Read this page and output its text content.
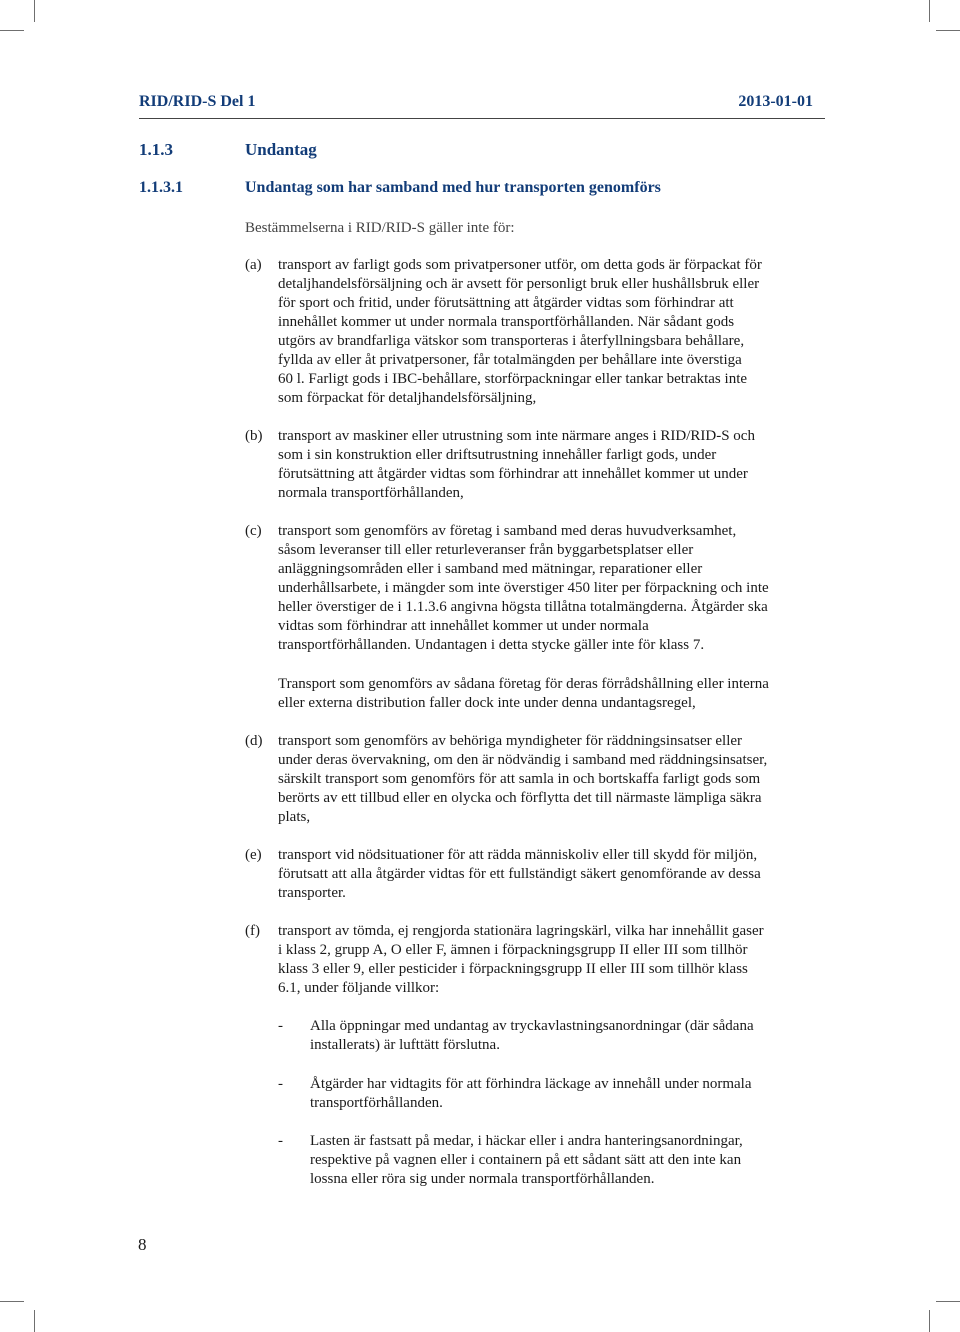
RID/RID-S Del 1	2013-01-01
1.1.3	Undantag
1.1.3.1	Undantag som har samband med hur transporten genomförs
Bestämmelserna i RID/RID-S gäller inte för:
(a) transport av farligt gods som privatpersoner utför, om detta gods är förpackat för
detaljhandelsförsäljning och är avsett för personligt bruk eller hushållsbruk eller
för sport och fritid, under förutsättning att åtgärder vidtas som förhindrar att
innehållet kommer ut under normala transportförhållanden. När sådant gods
utgörs av brandfarliga vätskor som transporteras i återfyllningsbara behållare,
fyllda av eller åt privatpersoner, får totalmängden per behållare inte överstiga
60 l. Farligt gods i IBC-behållare, storförpackningar eller tankar betraktas inte
som förpackat för detaljhandelsförsäljning,
(b) transport av maskiner eller utrustning som inte närmare anges i RID/RID-S och
som i sin konstruktion eller driftsutrustning innehåller farligt gods, under
förutsättning att åtgärder vidtas som förhindrar att innehållet kommer ut under
normala transportförhållanden,
(c) transport som genomförs av företag i samband med deras huvudverksamhet,
såsom leveranser till eller returleveranser från byggarbetsplatser eller
anläggningsområden eller i samband med mätningar, reparationer eller
underhållsarbete, i mängder som inte överstiger 450 liter per förpackning och inte
heller överstiger de i 1.1.3.6 angivna högsta tillåtna totalmängderna. Åtgärder ska
vidtas som förhindrar att innehållet kommer ut under normala
transportförhållanden. Undantagen i detta stycke gäller inte för klass 7.
Transport som genomförs av sådana företag för deras förrådshållning eller interna
eller externa distribution faller dock inte under denna undantagsregel,
(d) transport som genomförs av behöriga myndigheter för räddningsinsatser eller
under deras övervakning, om den är nödvändig i samband med räddningsinsatser,
särskilt transport som genomförs för att samla in och bortskaffa farligt gods som
berörts av ett tillbud eller en olycka och förflytta det till närmaste lämpliga säkra
plats,
(e) transport vid nödsituationer för att rädda människoliv eller till skydd för miljön,
förutsatt att alla åtgärder vidtas för ett fullständigt säkert genomförande av dessa
transporter.
(f) transport av tömda, ej rengjorda stationära lagringskärl, vilka har innehållit gaser
i klass 2, grupp A, O eller F, ämnen i förpackningsgrupp II eller III som tillhör
klass 3 eller 9, eller pesticider i förpackningsgrupp II eller III som tillhör klass
6.1, under följande villkor:
- Alla öppningar med undantag av tryckavlastningsanordningar (där sådana
installerats) är lufttätt förslutna.
- Åtgärder har vidtagits för att förhindra läckage av innehåll under normala
transportförhållanden.
- Lasten är fastsatt på medar, i häckar eller i andra hanteringsanordningar,
respektive på vagnen eller i containern på ett sådant sätt att den inte kan
lossna eller röra sig under normala transportförhållanden.
8
